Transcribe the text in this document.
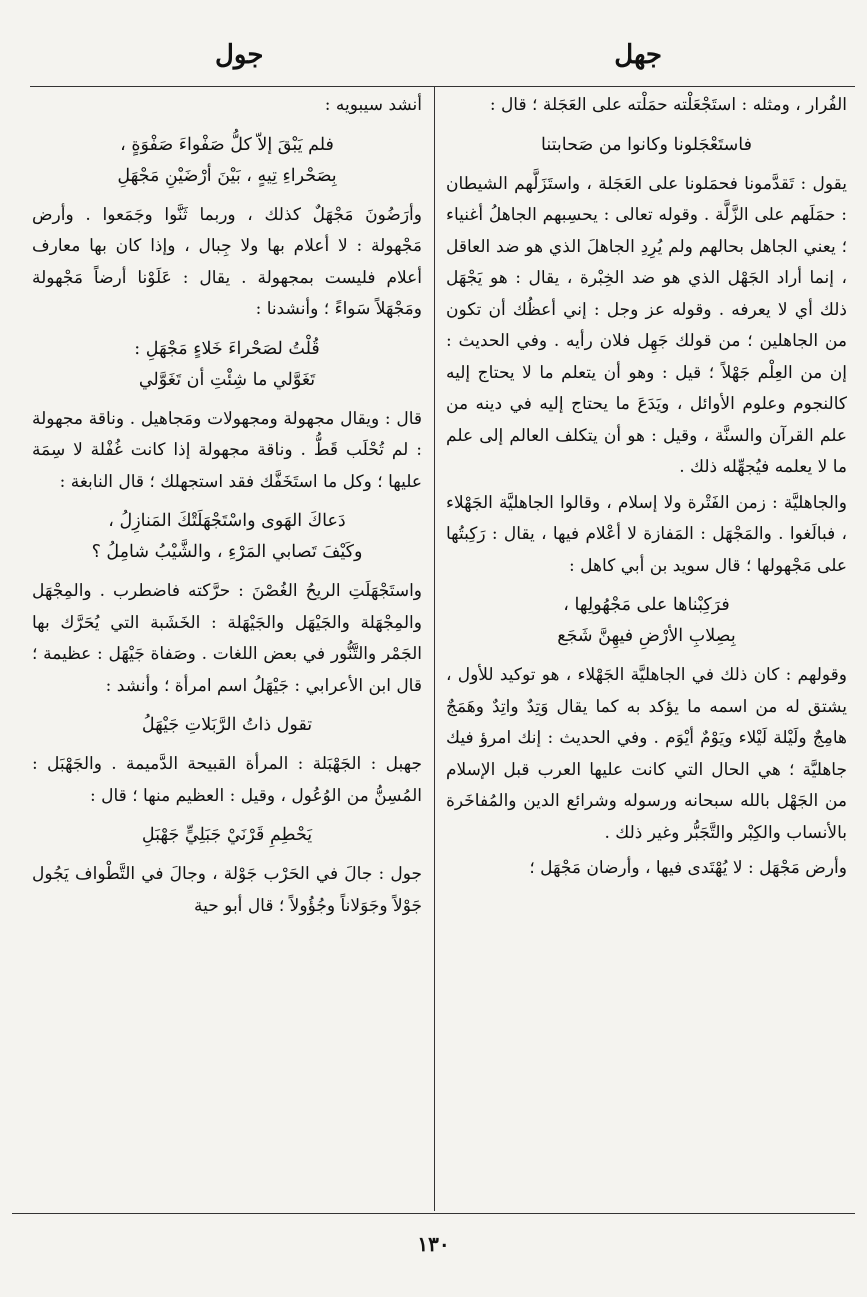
جهل
جول

الفُرار ، ومثله : استَجْعَلْته حمَلْته على العَجَلة ؛ قال :

فاستَعْجَلونا وكانوا من صَحابتنا

يقول : تَقدَّمونا فحمَلونا على العَجَلة ، واستَزَلَّهم الشيطان : حمَلَهم على الزَّلَّة . وقوله تعالى : يحسِبهم الجاهلُ أغنياء ؛ يعني الجاهل بحالهم ولم يُرِدِ الجاهلَ الذي هو ضد العاقل ، إنما أراد الجَهْل الذي هو ضد الخِبْرة ، يقال : هو يَجْهَل ذلك أي لا يعرفه . وقوله عز وجل : إني أعظُك أن تكون من الجاهلين ؛ من قولك جَهِل فلان رأيه . وفي الحديث : إن من العِلْم جَهْلاً ؛ قيل : وهو أن يتعلم ما لا يحتاج إليه كالنجوم وعلوم الأوائل ، ويَدَعَ ما يحتاج إليه في دينه من علم القرآن والسنَّة ، وقيل : هو أن يتكلف العالم إلى علم ما لا يعلمه فيُجهِّله ذلك .

والجاهليَّة : زمن الفَتْرة ولا إسلام ، وقالوا الجاهليَّة الجَهْلاء ، فبالَغوا . والمَجْهَل : المَفازة لا أعْلام فيها ، يقال : رَكِبتُها على مَجْهولها ؛ قال سويد بن أبي كاهل :

فرَكِبْناها على مَجْهُولِها ،
بِصِلابِ الأرْضِ فيهِنَّ شَجَع

وقولهم : كان ذلك في الجاهليَّة الجَهْلاء ، هو توكيد للأول ، يشتق له من اسمه ما يؤكد به كما يقال وَتِدٌ واتِدٌ وهَمَجٌ هامِجٌ ولَيْلة لَيْلاء ويَوْمٌ أيْوَم . وفي الحديث : إنك امرؤ فيك جاهليَّة ؛ هي الحال التي كانت عليها العرب قبل الإسلام من الجَهْل بالله سبحانه ورسوله وشرائع الدين والمُفاخَرة بالأنساب والكِبْر والتَّجَبُّر وغير ذلك .

وأرض مَجْهَل : لا يُهْتَدى فيها ، وأرضان مَجْهَل ؛

أنشد سيبويه :

فلم يَبْقَ إلاّ كلُّ صَفْواءَ صَفْوَةٍ ،
بِصَحْراءِ تِيهٍ ، بَيْنَ أرْضَيْنِ مَجْهَلِ

وأرَضُونَ مَجْهَلٌ كذلك ، وربما ثَنَّوا وجَمَعوا . وأرض مَجْهولة : لا أعلام بها ولا جِبال ، وإذا كان بها معارف أعلام فليست بمجهولة . يقال : عَلَوْنا أرضاً مَجْهولة ومَجْهَلاً سَواءً ؛ وأنشدنا :

قُلْتُ لصَحْراءَ خَلاءٍ مَجْهَلِ :
تَغَوَّلي ما شِئْتِ أن تَغَوَّلي

قال : ويقال مجهولة ومجهولات ومَجاهيل . وناقة مجهولة : لم تُحْلَب قَطُّ . وناقة مجهولة إذا كانت غُفْلة لا سِمَة عليها ؛ وكل ما استَخَفَّك فقد استجهلك ؛ قال النابغة :

دَعاكَ الهَوى واسْتَجْهَلَتْكَ المَنازِلُ ،
وكَيْفَ تَصابي المَرْءِ ، والشَّيْبُ شامِلُ ؟

واستَجْهَلَتِ الريحُ الغُصْنَ : حرَّكته فاضطرب . والمِجْهَل والمِجْهَلة والجَيْهَل والجَيْهَلة : الخَشَبة التي يُحَرَّك بها الجَمْر والتَّنُّور في بعض اللغات . وصَفاة جَيْهَل : عظيمة ؛ قال ابن الأعرابي : جَيْهَلُ اسم امرأة ؛ وأنشد :

تقول ذاتُ الرَّبَلاتِ جَيْهَلُ

جهبل : الجَهْبَلة : المرأة القبيحة الدَّميمة . والجَهْبَل : المُسِنُّ من الوُعُول ، وقيل : العظيم منها ؛ قال :

يَحْطِمِ قَرْنَيْ جَبَلِيٍّ جَهْبَلِ

جول : جالَ في الحَرْب جَوْلة ، وجالَ في التَّطْواف يَجُول جَوْلاً وجَوَلاناً وجُؤُولاً ؛ قال أبو حية

١٣٠
